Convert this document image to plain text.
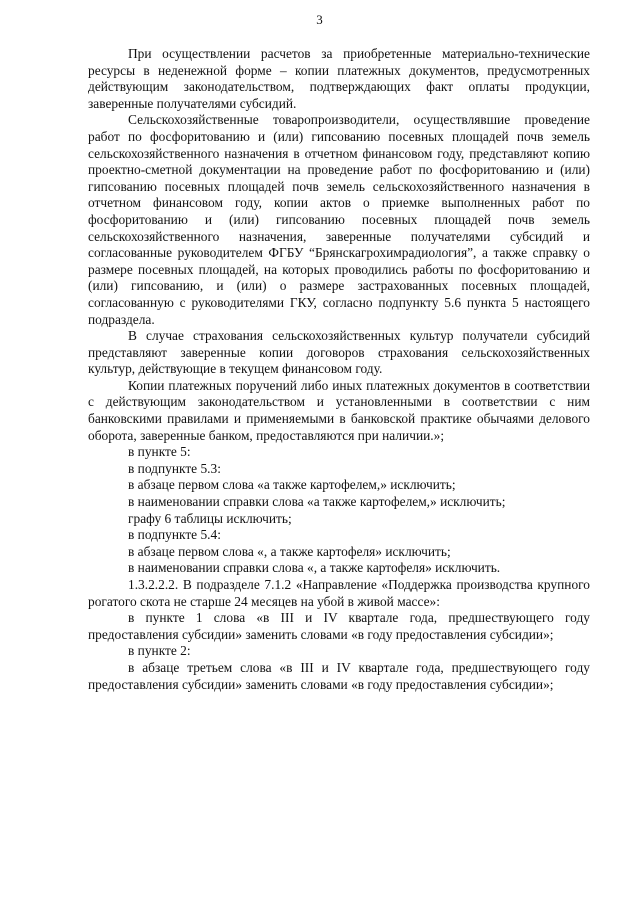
3

При осуществлении расчетов за приобретенные материально-технические ресурсы в неденежной форме – копии платежных документов, предусмотренных действующим законодательством, подтверждающих факт оплаты продукции, заверенные получателями субсидий.

Сельскохозяйственные товаропроизводители, осуществлявшие проведение работ по фосфоритованию и (или) гипсованию посевных площадей почв земель сельскохозяйственного назначения в отчетном финансовом году, представляют копию проектно-сметной документации на проведение работ по фосфоритованию и (или) гипсованию посевных площадей почв земель сельскохозяйственного назначения в отчетном финансовом году, копии актов о приемке выполненных работ по фосфоритованию и (или) гипсованию посевных площадей почв земель сельскохозяйственного назначения, заверенные получателями субсидий и согласованные руководителем ФГБУ “Брянскагрохимрадиология”, а также справку о размере посевных площадей, на которых проводились работы по фосфоритованию и (или) гипсованию, и (или) о размере застрахованных посевных площадей, согласованную с руководителями ГКУ, согласно подпункту 5.6 пункта 5 настоящего подраздела.

В случае страхования сельскохозяйственных культур получатели субсидий представляют заверенные копии договоров страхования сельскохозяйственных культур, действующие в текущем финансовом году.

Копии платежных поручений либо иных платежных документов в соответствии с действующим законодательством и установленными в соответствии с ним банковскими правилами и применяемыми в банковской практике обычаями делового оборота, заверенные банком, предоставляются при наличии.»;

в пункте 5:

в подпункте 5.3:

в абзаце первом слова «а также картофелем,» исключить;

в наименовании справки слова «а также картофелем,» исключить;

графу 6 таблицы исключить;

в подпункте 5.4:

в абзаце первом слова «, а также картофеля» исключить;

в наименовании справки слова «, а также картофеля» исключить.

1.3.2.2.2. В подразделе 7.1.2 «Направление «Поддержка производства крупного рогатого скота не старше 24 месяцев на убой в живой массе»:

в пункте 1 слова «в III и IV квартале года, предшествующего году предоставления субсидии» заменить словами «в году предоставления субсидии»;

в пункте 2:

в абзаце третьем слова «в III и IV квартале года, предшествующего году предоставления субсидии» заменить словами «в году предоставления субсидии»;
